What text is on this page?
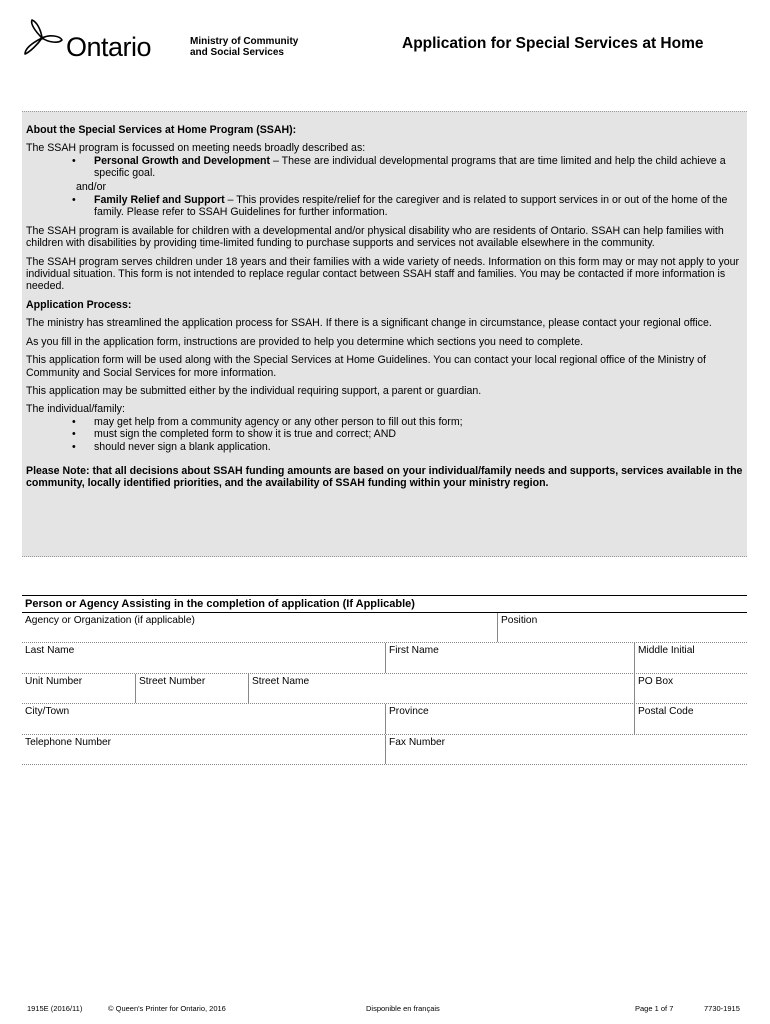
Ontario	Ministry of Community
and Social Services
Application for Special Services at Home

About the Special Services at Home Program (SSAH):

The SSAH program is focussed on meeting needs broadly described as:

• Personal Growth and Development – These are individual developmental programs that are time limited and help the child achieve a specific goal.

and/or

• Family Relief and Support – This provides respite/relief for the caregiver and is related to support services in or out of the home of the family. Please refer to SSAH Guidelines for further information.

The SSAH program is available for children with a developmental and/or physical disability who are residents of Ontario. SSAH can help families with children with disabilities by providing time-limited funding to purchase supports and services not available elsewhere in the community.

The SSAH program serves children under 18 years and their families with a wide variety of needs. Information on this form may or may not apply to your individual situation. This form is not intended to replace regular contact between SSAH staff and families. You may be contacted if more information is needed.

Application Process:

The ministry has streamlined the application process for SSAH. If there is a significant change in circumstance, please contact your regional office.

As you fill in the application form, instructions are provided to help you determine which sections you need to complete.

This application form will be used along with the Special Services at Home Guidelines. You can contact your local regional office of the Ministry of Community and Social Services for more information.

This application may be submitted either by the individual requiring support, a parent or guardian.

The individual/family:

• may get help from a community agency or any other person to fill out this form;
• must sign the completed form to show it is true and correct; AND
• should never sign a blank application.

Please Note: that all decisions about SSAH funding amounts are based on your individual/family needs and supports, services available in the community, locally identified priorities, and the availability of SSAH funding within your ministry region.

Person or Agency Assisting in the completion of application (If Applicable)
Agency or Organization (if applicable)	Position
Last Name	First Name	Middle Initial
Unit Number	Street Number	Street Name	PO Box
City/Town	Province	Postal Code
Telephone Number	Fax Number
1915E (2016/11)	© Queen's Printer for Ontario, 2016	Disponible en français	Page 1 of 7	7730-1915
